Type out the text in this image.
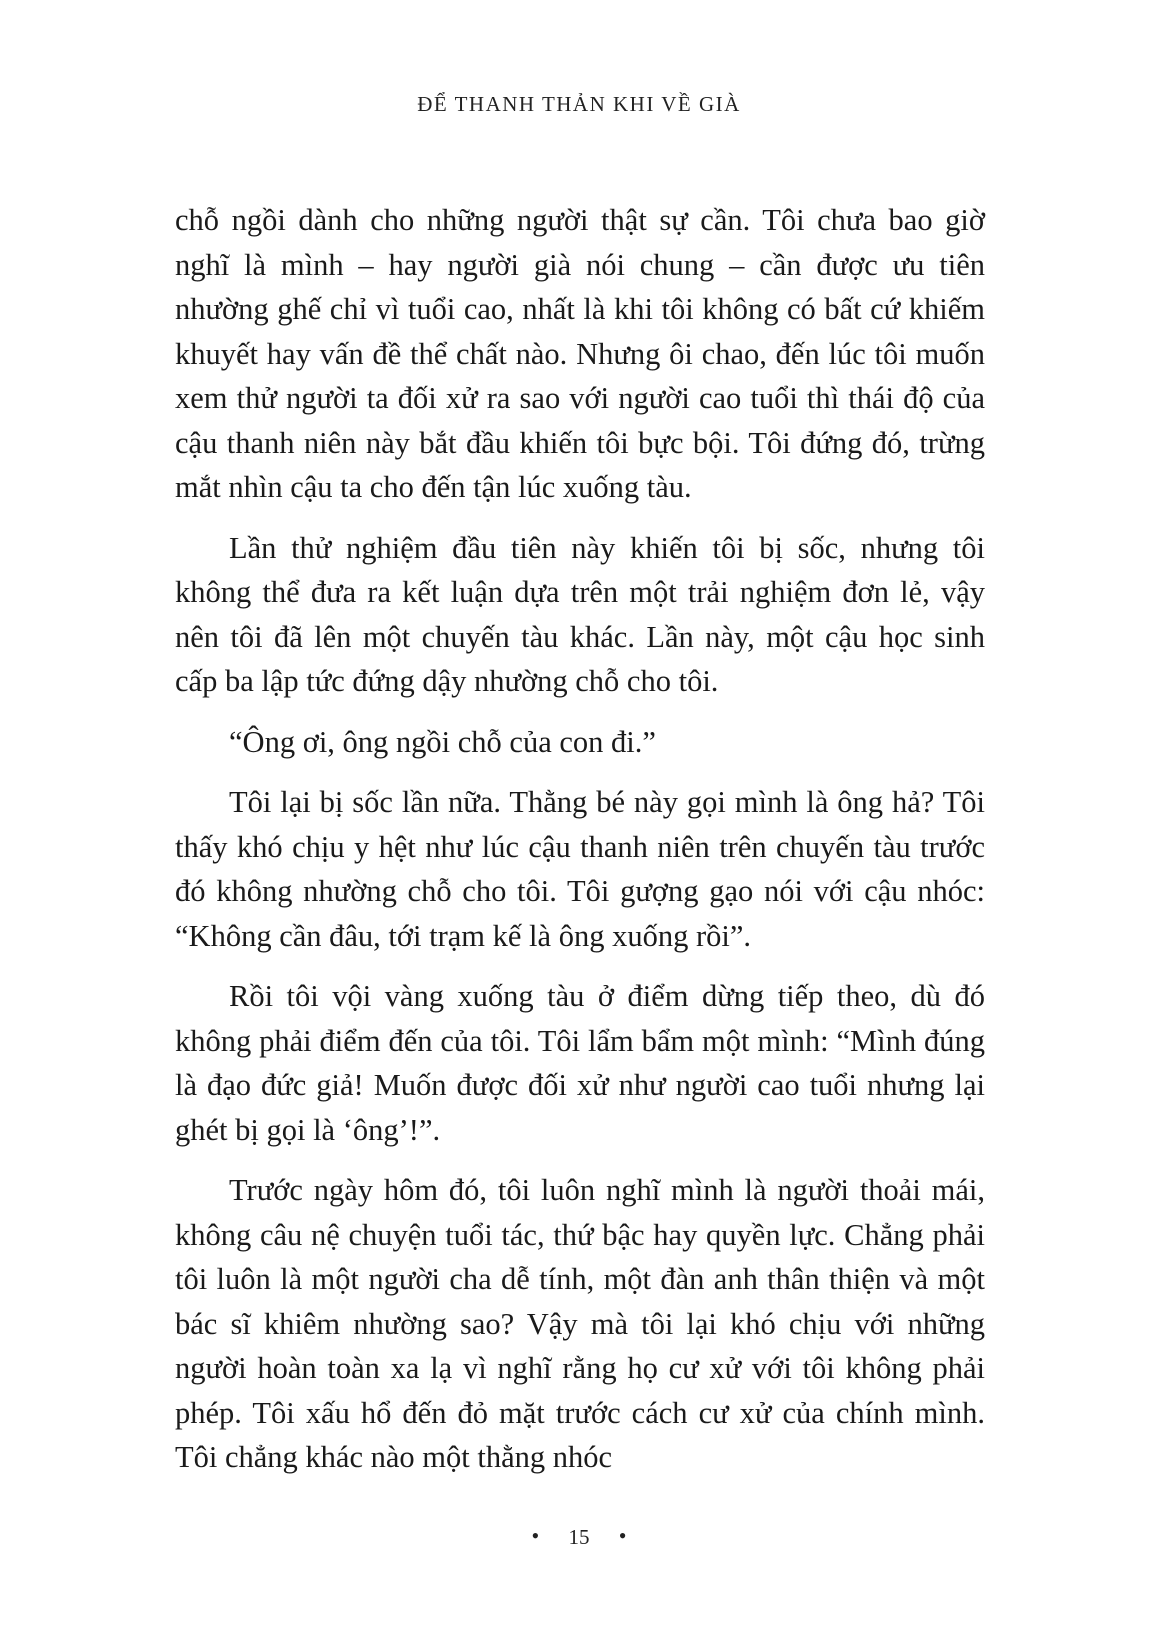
ĐỂ THANH THẢN KHI VỀ GIÀ

chỗ ngồi dành cho những người thật sự cần. Tôi chưa bao giờ nghĩ là mình – hay người già nói chung – cần được ưu tiên nhường ghế chỉ vì tuổi cao, nhất là khi tôi không có bất cứ khiếm khuyết hay vấn đề thể chất nào. Nhưng ôi chao, đến lúc tôi muốn xem thử người ta đối xử ra sao với người cao tuổi thì thái độ của cậu thanh niên này bắt đầu khiến tôi bực bội. Tôi đứng đó, trừng mắt nhìn cậu ta cho đến tận lúc xuống tàu.

Lần thử nghiệm đầu tiên này khiến tôi bị sốc, nhưng tôi không thể đưa ra kết luận dựa trên một trải nghiệm đơn lẻ, vậy nên tôi đã lên một chuyến tàu khác. Lần này, một cậu học sinh cấp ba lập tức đứng dậy nhường chỗ cho tôi.

“Ông ơi, ông ngồi chỗ của con đi.”

Tôi lại bị sốc lần nữa. Thằng bé này gọi mình là ông hả? Tôi thấy khó chịu y hệt như lúc cậu thanh niên trên chuyến tàu trước đó không nhường chỗ cho tôi. Tôi gượng gạo nói với cậu nhóc: “Không cần đâu, tới trạm kế là ông xuống rồi”.

Rồi tôi vội vàng xuống tàu ở điểm dừng tiếp theo, dù đó không phải điểm đến của tôi. Tôi lẩm bẩm một mình: “Mình đúng là đạo đức giả! Muốn được đối xử như người cao tuổi nhưng lại ghét bị gọi là ‘ông’!”.

Trước ngày hôm đó, tôi luôn nghĩ mình là người thoải mái, không câu nệ chuyện tuổi tác, thứ bậc hay quyền lực. Chẳng phải tôi luôn là một người cha dễ tính, một đàn anh thân thiện và một bác sĩ khiêm nhường sao? Vậy mà tôi lại khó chịu với những người hoàn toàn xa lạ vì nghĩ rằng họ cư xử với tôi không phải phép. Tôi xấu hổ đến đỏ mặt trước cách cư xử của chính mình. Tôi chẳng khác nào một thằng nhóc

• 15 •
